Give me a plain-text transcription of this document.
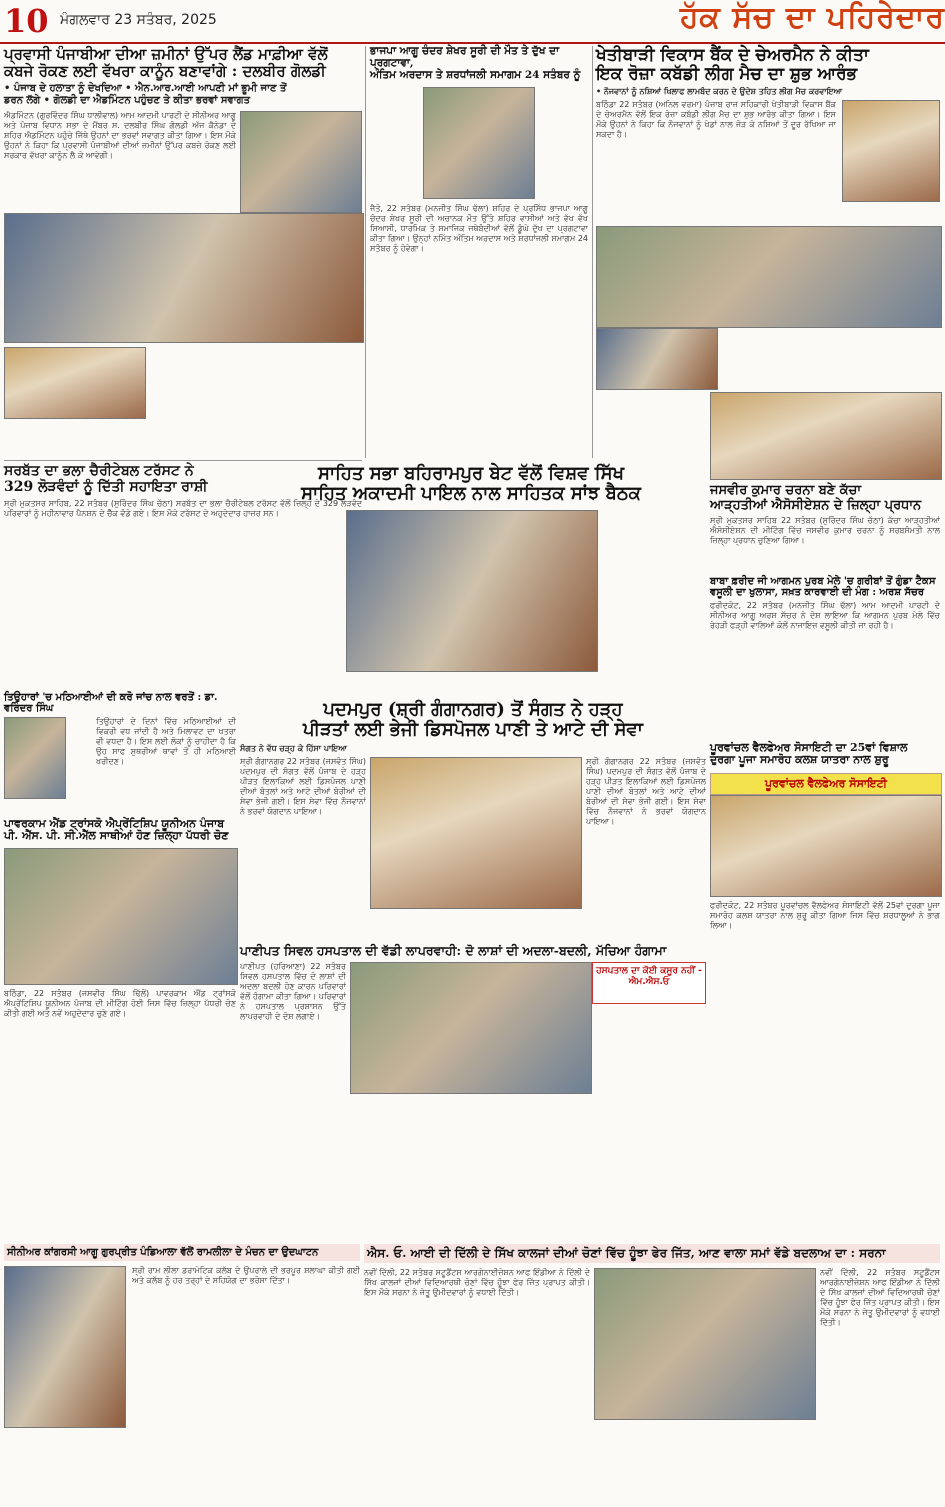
10 ਮੰਗਲਵਾਰ 23 ਸਤੰਬਰ, 2025	ਹੱਕ ਸੱਚ ਦਾ ਪਹਿਰੇਦਾਰ
ਪ੍ਰਵਾਸੀ ਪੰਜਾਬੀਆ ਦੀਆ ਜ਼ਮੀਨਾਂ ਉੱਪਰ ਲੈਂਡ ਮਾਫ਼ੀਆ ਵੱਲੋਂ
ਕਬਜੇ ਰੋਕਣ ਲਈ ਵੱਖਰਾ ਕਾਨੂੰਨ ਬਣਾਵਾਂਗੇ : ਦਲਬੀਰ ਗੋਲਡੀ
• ਪੰਜਾਬ ਦੇ ਹਲਾਤਾ ਨੂੰ ਦੇਖਦਿਆ • ਐਨ.ਆਰ.ਆਈ ਆਪਣੀ ਮਾਂ ਭੂਮੀ ਜਾਣ ਤੋਂ
ਡਰਨ ਲੱਗੇ • ਗੋਲਡੀ ਦਾ ਐਡਮਿੰਟਨ ਪਹੁੰਚਣ ਤੇ ਕੀਤਾ ਭਰਵਾਂ ਸਵਾਗਤ
ਐਡਮਿੰਟਨ (ਗੁਰਵਿੰਦਰ ਸਿੰਘ ਧਾਲੀਵਾਲ) ਆਮ ਆਦਮੀ ਪਾਰਟੀ ਦੇ ਸੀਨੀਅਰ ਆਗੂ ਅਤੇ ਪੰਜਾਬ ਵਿਧਾਨ ਸਭਾ ਦੇ ਮੈਂਬਰ ਸ. ਦਲਬੀਰ ਸਿੰਘ ਗੋਲਡੀ ਅੱਜ ਕੈਨੇਡਾ ਦੇ ਸ਼ਹਿਰ ਐਡਮਿੰਟਨ ਪਹੁੰਚੇ ਜਿੱਥੇ ਉਹਨਾਂ ਦਾ ਭਰਵਾਂ ਸਵਾਗਤ ਕੀਤਾ ਗਿਆ। ਇਸ ਮੌਕੇ ਉਹਨਾਂ ਨੇ ਕਿਹਾ ਕਿ ਪ੍ਰਵਾਸੀ ਪੰਜਾਬੀਆਂ ਦੀਆਂ ਜ਼ਮੀਨਾਂ ਉੱਪਰ ਕਬਜ਼ੇ ਰੋਕਣ ਲਈ ਸਰਕਾਰ ਵੱਖਰਾ ਕਾਨੂੰਨ ਲੈ ਕੇ ਆਵੇਗੀ।
ਭਾਜਪਾ ਆਗੂ ਚੰਦਰ ਸ਼ੇਖਰ ਸੂਰੀ ਦੀ ਮੌਤ ਤੇ ਦੁੱਖ ਦਾ ਪ੍ਰਗਟਾਵਾ,
ਅੰਤਿਮ ਅਰਦਾਸ ਤੇ ਸ਼ਰਧਾਂਜਲੀ ਸਮਾਗਮ 24 ਸਤੰਬਰ ਨੂੰ
ਜੈਤੋ, 22 ਸਤੰਬਰ (ਮਨਜੀਤ ਸਿੰਘ ਢੱਲਾ) ਸ਼ਹਿਰ ਦੇ ਪ੍ਰਸਿੱਧ ਭਾਜਪਾ ਆਗੂ ਚੰਦਰ ਸ਼ੇਖਰ ਸੂਰੀ ਦੀ ਅਚਾਨਕ ਮੌਤ ਉੱਤੇ ਸ਼ਹਿਰ ਵਾਸੀਆਂ ਅਤੇ ਵੱਖ ਵੱਖ ਸਿਆਸੀ, ਧਾਰਮਿਕ ਤੇ ਸਮਾਜਿਕ ਜਥੇਬੰਦੀਆਂ ਵੱਲੋਂ ਡੂੰਘੇ ਦੁੱਖ ਦਾ ਪ੍ਰਗਟਾਵਾ ਕੀਤਾ ਗਿਆ। ਉਨ੍ਹਾਂ ਨਮਿੱਤ ਅੰਤਿਮ ਅਰਦਾਸ ਅਤੇ ਸ਼ਰਧਾਂਜਲੀ ਸਮਾਗਮ 24 ਸਤੰਬਰ ਨੂੰ ਹੋਵੇਗਾ।
ਖੇਤੀਬਾੜੀ ਵਿਕਾਸ ਬੈਂਕ ਦੇ ਚੇਅਰਮੈਨ ਨੇ ਕੀਤਾ
ਇਕ ਰੋਜ਼ਾ ਕਬੱਡੀ ਲੀਗ ਮੈਚ ਦਾ ਸ਼ੁਭ ਆਰੰਭ
• ਨੌਜਵਾਨਾਂ ਨੂੰ ਨਸ਼ਿਆਂ ਖਿਲਾਫ ਲਾਮਬੰਦ ਕਰਨ ਦੇ ਉਦੇਸ਼ ਤਹਿਤ ਲੀਗ ਮੈਚ ਕਰਵਾਇਆ
ਬਠਿੰਡਾ 22 ਸਤੰਬਰ (ਅਨਿਲ ਵਰਮਾ) ਪੰਜਾਬ ਰਾਜ ਸਹਿਕਾਰੀ ਖੇਤੀਬਾੜੀ ਵਿਕਾਸ ਬੈਂਕ ਦੇ ਚੇਅਰਮੈਨ ਵੱਲੋਂ ਇਕ ਰੋਜ਼ਾ ਕਬੱਡੀ ਲੀਗ ਮੈਚ ਦਾ ਸ਼ੁਭ ਆਰੰਭ ਕੀਤਾ ਗਿਆ। ਇਸ ਮੌਕੇ ਉਹਨਾਂ ਨੇ ਕਿਹਾ ਕਿ ਨੌਜਵਾਨਾਂ ਨੂੰ ਖੇਡਾਂ ਨਾਲ ਜੋੜ ਕੇ ਨਸ਼ਿਆਂ ਤੋਂ ਦੂਰ ਰੱਖਿਆ ਜਾ ਸਕਦਾ ਹੈ।
ਸਰਬੱਤ ਦਾ ਭਲਾ ਚੈਰੀਟੇਬਲ ਟਰੱਸਟ ਨੇ
329 ਲੋੜਵੰਦਾਂ ਨੂੰ ਦਿੱਤੀ ਸਹਾਇਤਾ ਰਾਸ਼ੀ
ਸ੍ਰੀ ਮੁਕਤਸਰ ਸਾਹਿਬ, 22 ਸਤੰਬਰ (ਸੁਰਿੰਦਰ ਸਿੰਘ ਚੱਠਾ) ਸਰਬੱਤ ਦਾ ਭਲਾ ਚੈਰੀਟੇਬਲ ਟਰੱਸਟ ਵੱਲੋਂ ਜ਼ਿਲ੍ਹੇ ਦੇ 329 ਲੋੜਵੰਦ ਪਰਿਵਾਰਾਂ ਨੂੰ ਮਹੀਨਾਵਾਰ ਪੈਨਸ਼ਨ ਦੇ ਚੈੱਕ ਵੰਡੇ ਗਏ। ਇਸ ਮੌਕੇ ਟਰੱਸਟ ਦੇ ਅਹੁਦੇਦਾਰ ਹਾਜ਼ਰ ਸਨ।
ਸਾਹਿਤ ਸਭਾ ਬਹਿਰਾਮਪੁਰ ਬੇਟ ਵੱਲੋਂ ਵਿਸ਼ਵ ਸਿੱਖ
ਸਾਹਿਤ ਅਕਾਦਮੀ ਪਾਇਲ ਨਾਲ ਸਾਹਿਤਕ ਸਾਂਝ ਬੈਠਕ	ਜਸਵੀਰ ਕੁਮਾਰ ਚਰਨਾ ਬਣੇ ਕੱਚਾ
ਆੜ੍ਹਤੀਆਂ ਐਸੋਸੀਏਸ਼ਨ ਦੇ ਜ਼ਿਲ੍ਹਾ ਪ੍ਰਧਾਨ
ਸ੍ਰੀ ਮੁਕਤਸਰ ਸਾਹਿਬ 22 ਸਤੰਬਰ (ਸੁਰਿੰਦਰ ਸਿੰਘ ਚੱਠਾ) ਕੱਚਾ ਆੜ੍ਹਤੀਆਂ ਐਸੋਸੀਏਸ਼ਨ ਦੀ ਮੀਟਿੰਗ ਵਿੱਚ ਜਸਵੀਰ ਕੁਮਾਰ ਚਰਨਾ ਨੂੰ ਸਰਬਸੰਮਤੀ ਨਾਲ ਜ਼ਿਲ੍ਹਾ ਪ੍ਰਧਾਨ ਚੁਣਿਆ ਗਿਆ।
ਤਿਉਹਾਰਾਂ 'ਚ ਮਠਿਆਈਆਂ ਦੀ ਕਰੋ ਜਾਂਚ ਨਾਲ ਵਰਤੋਂ : ਡਾ. ਵਰਿੰਦਰ ਸਿੰਘ
ਤਿਉਹਾਰਾਂ ਦੇ ਦਿਨਾਂ ਵਿੱਚ ਮਠਿਆਈਆਂ ਦੀ ਵਿਕਰੀ ਵਧ ਜਾਂਦੀ ਹੈ ਅਤੇ ਮਿਲਾਵਟ ਦਾ ਖਤਰਾ ਵੀ ਵਧਦਾ ਹੈ। ਇਸ ਲਈ ਲੋਕਾਂ ਨੂੰ ਚਾਹੀਦਾ ਹੈ ਕਿ ਉਹ ਸਾਫ ਸੁਥਰੀਆਂ ਥਾਵਾਂ ਤੋਂ ਹੀ ਮਠਿਆਈ ਖਰੀਦਣ।
ਪਾਵਰਕਾਮ ਐਂਡ ਟ੍ਰਾਂਸਕੋ ਐਪ੍ਰੇਂਟਿਸ਼ਿਪ ਯੂਨੀਅਨ ਪੰਜਾਬ
ਪੀ. ਐੱਸ. ਪੀ. ਸੀ.ਐੱਲ ਸਾਥੀਆਂ ਹੋਣ ਜ਼ਿਲ੍ਹਾ ਪੱਧਰੀ ਚੋਣ
ਬਠਿੰਡਾ, 22 ਸਤੰਬਰ (ਜਸਵੀਰ ਸਿੰਘ ਢਿੱਲੋਂ) ਪਾਵਰਕਾਮ ਐਂਡ ਟ੍ਰਾਂਸਕੋ ਐਪ੍ਰੇਂਟਿਸ਼ਿਪ ਯੂਨੀਅਨ ਪੰਜਾਬ ਦੀ ਮੀਟਿੰਗ ਹੋਈ ਜਿਸ ਵਿੱਚ ਜ਼ਿਲ੍ਹਾ ਪੱਧਰੀ ਚੋਣ ਕੀਤੀ ਗਈ ਅਤੇ ਨਵੇਂ ਅਹੁਦੇਦਾਰ ਚੁਣੇ ਗਏ।
ਪਦਮਪੁਰ (ਸ਼੍ਰੀ ਗੰਗਾਨਗਰ) ਤੋਂ ਸੰਗਤ ਨੇ ਹੜ੍ਹ
ਪੀੜਤਾਂ ਲਈ ਭੇਜੀ ਡਿਸਪੋਜਲ ਪਾਣੀ ਤੇ ਆਟੇ ਦੀ ਸੇਵਾ
ਸੰਗਤ ਨੇ ਵੱਧ ਚੜ੍ਹ ਕੇ ਹਿੱਸਾ ਪਾਇਆ
ਸ੍ਰੀ ਗੰਗਾਨਗਰ 22 ਸਤੰਬਰ (ਜਸਵੰਤ ਸਿੰਘ) ਪਦਮਪੁਰ ਦੀ ਸੰਗਤ ਵੱਲੋਂ ਪੰਜਾਬ ਦੇ ਹੜ੍ਹ ਪੀੜਤ ਇਲਾਕਿਆਂ ਲਈ ਡਿਸਪੋਜਲ ਪਾਣੀ ਦੀਆਂ ਬੋਤਲਾਂ ਅਤੇ ਆਟੇ ਦੀਆਂ ਬੋਰੀਆਂ ਦੀ ਸੇਵਾ ਭੇਜੀ ਗਈ। ਇਸ ਸੇਵਾ ਵਿੱਚ ਨੌਜਵਾਨਾਂ ਨੇ ਭਰਵਾਂ ਯੋਗਦਾਨ ਪਾਇਆ।
ਸ੍ਰੀ ਗੰਗਾਨਗਰ 22 ਸਤੰਬਰ (ਜਸਵੰਤ ਸਿੰਘ) ਪਦਮਪੁਰ ਦੀ ਸੰਗਤ ਵੱਲੋਂ ਪੰਜਾਬ ਦੇ ਹੜ੍ਹ ਪੀੜਤ ਇਲਾਕਿਆਂ ਲਈ ਡਿਸਪੋਜਲ ਪਾਣੀ ਦੀਆਂ ਬੋਤਲਾਂ ਅਤੇ ਆਟੇ ਦੀਆਂ ਬੋਰੀਆਂ ਦੀ ਸੇਵਾ ਭੇਜੀ ਗਈ। ਇਸ ਸੇਵਾ ਵਿੱਚ ਨੌਜਵਾਨਾਂ ਨੇ ਭਰਵਾਂ ਯੋਗਦਾਨ ਪਾਇਆ।
ਬਾਬਾ ਫ਼ਰੀਦ ਜੀ ਆਗਮਨ ਪੁਰਬ ਮੇਲੇ 'ਚ ਗਰੀਬਾਂ ਤੋਂ ਗੁੰਡਾ ਟੈਕਸ
ਵਸੂਲੀ ਦਾ ਖੁਲਾਸਾ, ਸਖ਼ਤ ਕਾਰਵਾਈ ਦੀ ਮੰਗ : ਅਰਸ਼ ਸੱਚਰ
ਫਰੀਦਕੋਟ, 22 ਸਤੰਬਰ (ਮਨਜੀਤ ਸਿੰਘ ਢੱਲਾ) ਆਮ ਆਦਮੀ ਪਾਰਟੀ ਦੇ ਸੀਨੀਅਰ ਆਗੂ ਅਰਸ਼ ਸੱਚਰ ਨੇ ਦੋਸ਼ ਲਾਇਆ ਕਿ ਆਗਮਨ ਪੁਰਬ ਮੇਲੇ ਵਿੱਚ ਰੇਹੜੀ ਫੜ੍ਹੀ ਵਾਲਿਆਂ ਕੋਲੋਂ ਨਾਜਾਇਜ਼ ਵਸੂਲੀ ਕੀਤੀ ਜਾ ਰਹੀ ਹੈ।
ਪੂਰਵਾਂਚਲ ਵੈਲਫੇਅਰ ਸੋਸਾਇਟੀ ਦਾ 25ਵਾਂ ਵਿਸ਼ਾਲ
ਦੁਰਗਾ ਪੂਜਾ ਸਮਾਰੋਹ ਕਲਸ਼ ਯਾਤਰਾ ਨਾਲ ਸ਼ੁਰੂ
ਪੂਰਵਾਂਚਲ ਵੈਲਫੇਅਰ ਸੋਸਾਇਟੀ
ਫਰੀਦਕੋਟ, 22 ਸਤੰਬਰ ਪੂਰਵਾਂਚਲ ਵੈਲਫੇਅਰ ਸੋਸਾਇਟੀ ਵੱਲੋਂ 25ਵਾਂ ਦੁਰਗਾ ਪੂਜਾ ਸਮਾਰੋਹ ਕਲਸ਼ ਯਾਤਰਾ ਨਾਲ ਸ਼ੁਰੂ ਕੀਤਾ ਗਿਆ ਜਿਸ ਵਿੱਚ ਸ਼ਰਧਾਲੂਆਂ ਨੇ ਭਾਗ ਲਿਆ।
ਪਾਣੀਪਤ ਸਿਵਲ ਹਸਪਤਾਲ ਦੀ ਵੱਡੀ ਲਾਪਰਵਾਹੀ: ਦੋ ਲਾਸ਼ਾਂ ਦੀ ਅਦਲਾ-ਬਦਲੀ, ਮੱਚਿਆ ਹੰਗਾਮਾ
ਪਾਣੀਪਤ (ਹਰਿਆਣਾ) 22 ਸਤੰਬਰ ਸਿਵਲ ਹਸਪਤਾਲ ਵਿੱਚ ਦੋ ਲਾਸ਼ਾਂ ਦੀ ਅਦਲਾ ਬਦਲੀ ਹੋਣ ਕਾਰਨ ਪਰਿਵਾਰਾਂ ਵੱਲੋਂ ਹੰਗਾਮਾ ਕੀਤਾ ਗਿਆ। ਪਰਿਵਾਰਾਂ ਨੇ ਹਸਪਤਾਲ ਪ੍ਰਸ਼ਾਸਨ ਉੱਤੇ ਲਾਪਰਵਾਹੀ ਦੇ ਦੋਸ਼ ਲਗਾਏ।
ਹਸਪਤਾਲ ਦਾ ਕੋਈ ਕਸੂਰ ਨਹੀਂ - ਐਮ.ਐਸ.ਓ
ਸੀਨੀਅਰ ਕਾਂਗਰਸੀ ਆਗੂ ਗੁਰਪ੍ਰੀਤ ਪੰਡਿਆਲਾ ਵੱਲੋਂ ਰਾਮਲੀਲਾ ਦੇ ਮੰਚਨ ਦਾ ਉਦਘਾਟਨ
ਸ੍ਰੀ ਰਾਮ ਲੀਲਾ ਡਰਾਮੇਟਿਕ ਕਲੱਬ ਦੇ ਉਪਰਾਲੇ ਦੀ ਭਰਪੂਰ ਸ਼ਲਾਘਾ ਕੀਤੀ ਗਈ ਅਤੇ ਕਲੱਬ ਨੂੰ ਹਰ ਤਰ੍ਹਾਂ ਦੇ ਸਹਿਯੋਗ ਦਾ ਭਰੋਸਾ ਦਿੱਤਾ।
ਐਸ. ਓ. ਆਈ ਦੀ ਦਿੱਲੀ ਦੇ ਸਿੱਖ ਕਾਲਜਾਂ ਦੀਆਂ ਚੋਣਾਂ ਵਿੱਚ ਹੂੰਝਾ ਫੇਰ ਜਿੱਤ, ਆਣ ਵਾਲਾ ਸਮਾਂ ਵੱਡੇ ਬਦਲਾਅ ਦਾ : ਸਰਨਾ
ਨਵੀਂ ਦਿੱਲੀ, 22 ਸਤੰਬਰ ਸਟੂਡੈਂਟਸ ਆਰਗੇਨਾਈਜ਼ੇਸ਼ਨ ਆਫ ਇੰਡੀਆ ਨੇ ਦਿੱਲੀ ਦੇ ਸਿੱਖ ਕਾਲਜਾਂ ਦੀਆਂ ਵਿਦਿਆਰਥੀ ਚੋਣਾਂ ਵਿੱਚ ਹੂੰਝਾ ਫੇਰ ਜਿੱਤ ਪ੍ਰਾਪਤ ਕੀਤੀ। ਇਸ ਮੌਕੇ ਸਰਨਾ ਨੇ ਜੇਤੂ ਉਮੀਦਵਾਰਾਂ ਨੂੰ ਵਧਾਈ ਦਿੱਤੀ।
ਨਵੀਂ ਦਿੱਲੀ, 22 ਸਤੰਬਰ ਸਟੂਡੈਂਟਸ ਆਰਗੇਨਾਈਜ਼ੇਸ਼ਨ ਆਫ ਇੰਡੀਆ ਨੇ ਦਿੱਲੀ ਦੇ ਸਿੱਖ ਕਾਲਜਾਂ ਦੀਆਂ ਵਿਦਿਆਰਥੀ ਚੋਣਾਂ ਵਿੱਚ ਹੂੰਝਾ ਫੇਰ ਜਿੱਤ ਪ੍ਰਾਪਤ ਕੀਤੀ। ਇਸ ਮੌਕੇ ਸਰਨਾ ਨੇ ਜੇਤੂ ਉਮੀਦਵਾਰਾਂ ਨੂੰ ਵਧਾਈ ਦਿੱਤੀ।
